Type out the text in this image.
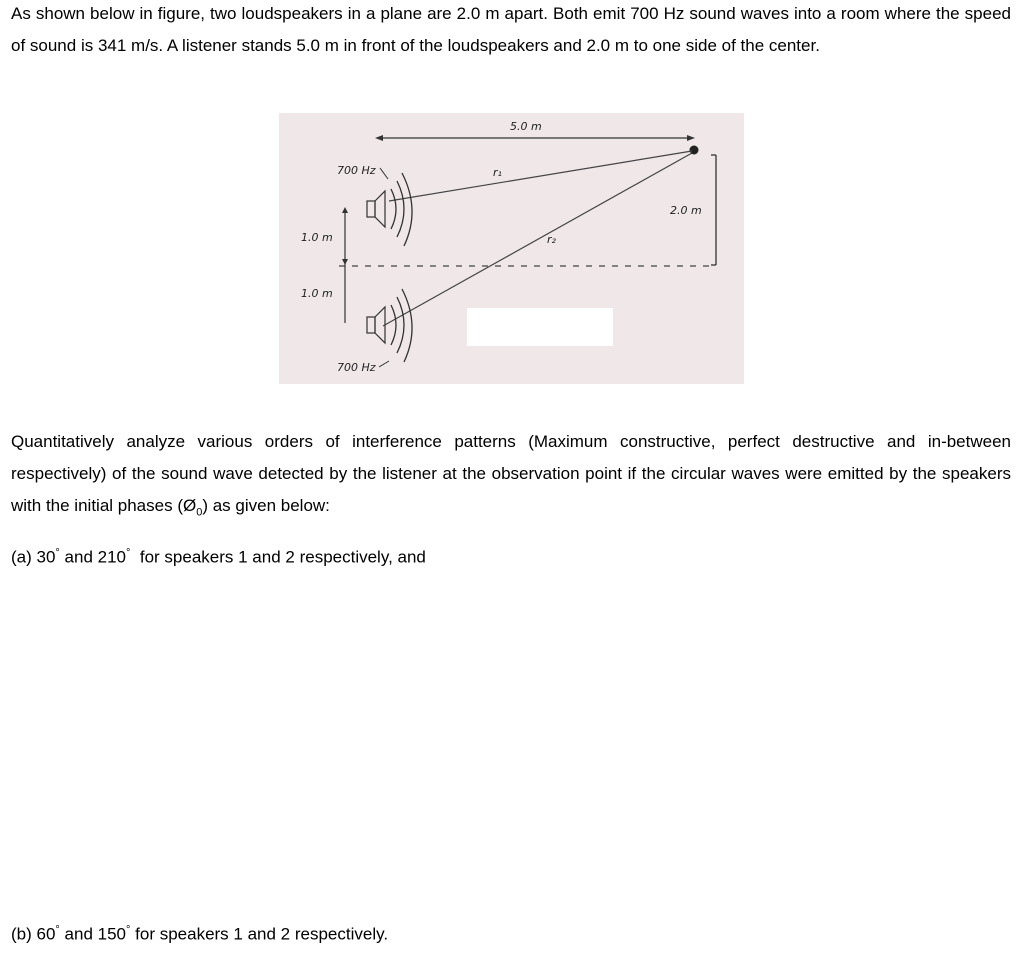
As shown below in figure, two loudspeakers in a plane are 2.0 m apart. Both emit 700 Hz sound waves into a room where the speed of sound is 341 m/s. A listener stands 5.0 m in front of the loudspeakers and 2.0 m to one side of the center.

5.0 m
r₁
r₂
2.0 m
1.0 m
1.0 m
700 Hz
700 Hz

Quantitatively analyze various orders of interference patterns (Maximum constructive, perfect destructive and in-between respectively) of the sound wave detected by the listener at the observation point if the circular waves were emitted by the speakers with the initial phases $(Ø_0)$ as given below:

(a) 30° and 210°  for speakers 1 and 2 respectively, and

(b) 60° and 150° for speakers 1 and 2 respectively.
